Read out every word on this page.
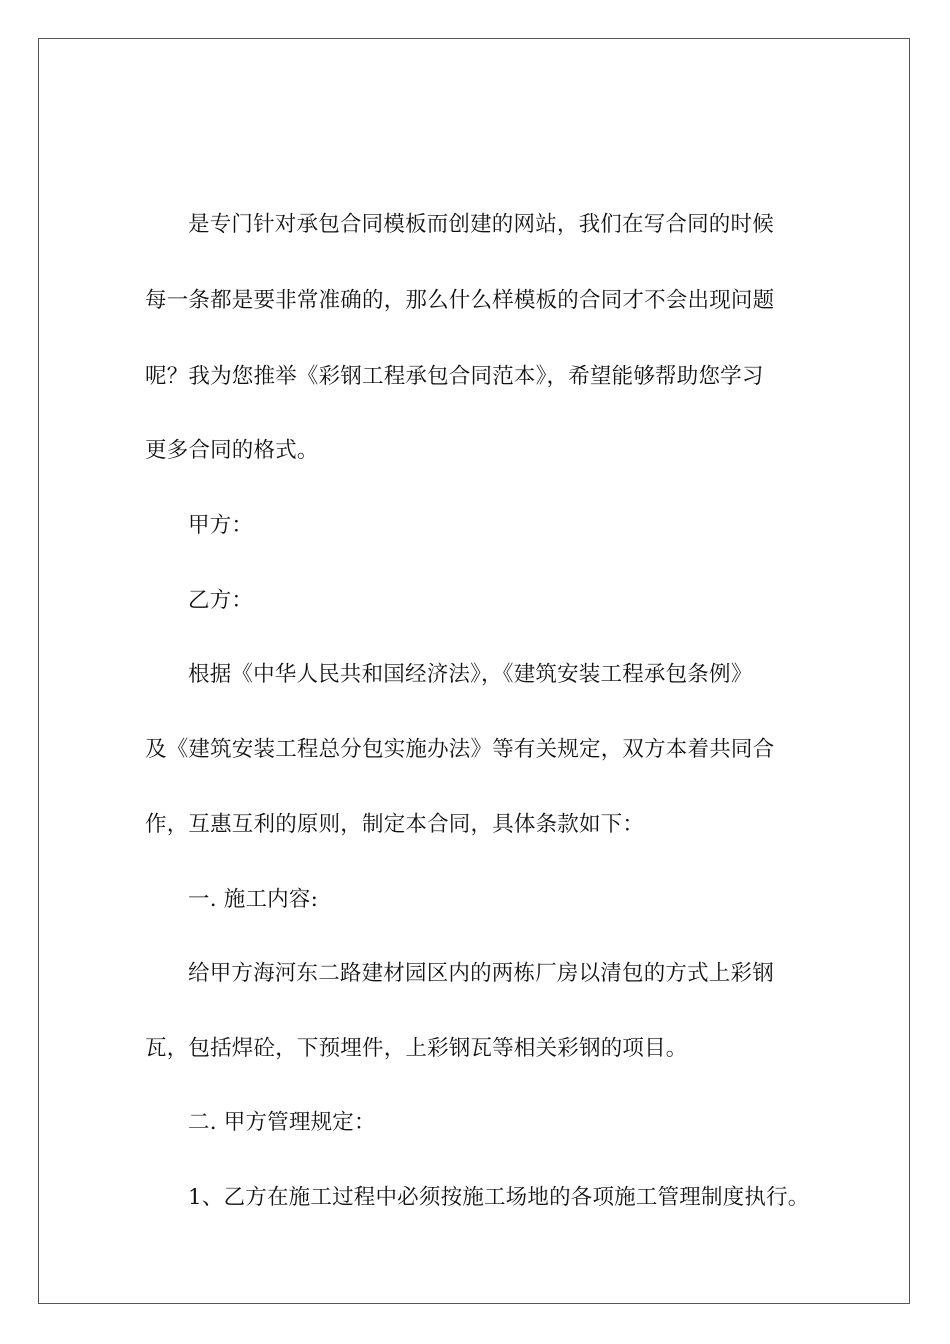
是专门针对承包合同模板而创建的网站，我们在写合同的时候
每一条都是要非常准确的，那么什么样模板的合同才不会出现问题
呢？我为您推举《彩钢工程承包合同范本》，希望能够帮助您学习
更多合同的格式。
甲方：
乙方：
根据《中华人民共和国经济法》，《建筑安装工程承包条例》
及《建筑安装工程总分包实施办法》等有关规定，双方本着共同合
作，互惠互利的原则，制定本合同，具体条款如下：
一. 施工内容:
给甲方海河东二路建材园区内的两栋厂房以清包的方式上彩钢
瓦，包括焊砼，下预埋件，上彩钢瓦等相关彩钢的项目。
二. 甲方管理规定：
1、乙方在施工过程中必须按施工场地的各项施工管理制度执行。
